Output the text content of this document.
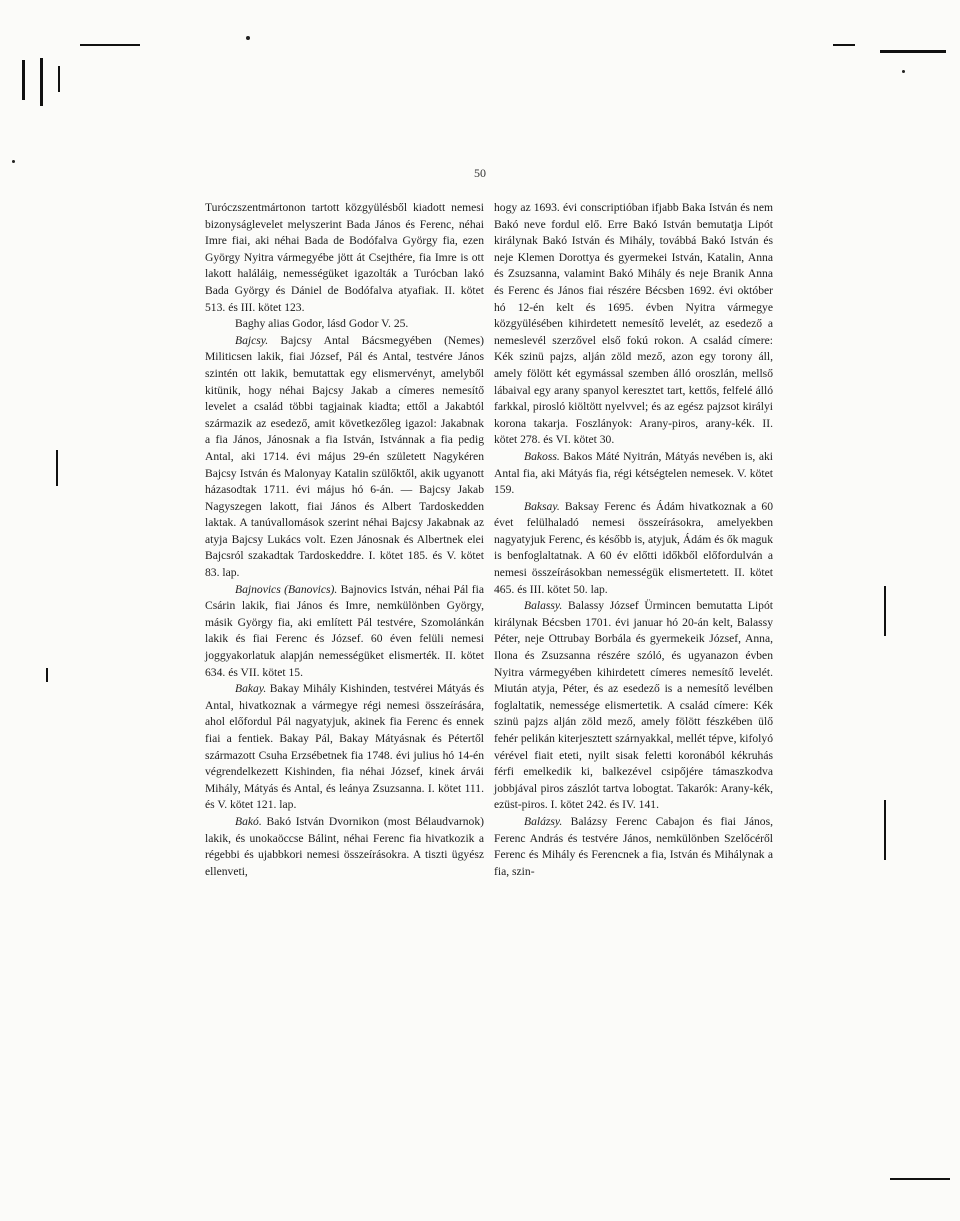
50

Turóczszentmártonon tartott közgyülésből kiadott nemesi bizonyságlevelet melyszerint Bada János és Ferenc, néhai Imre fiai, aki néhai Bada de Bodófalva György fia, ezen György Nyitra vármegyébe jött át Csejthére, fia Imre is ott lakott haláláig, nemességüket igazolták a Turócban lakó Bada György és Dániel de Bodófalva atyafiak. II. kötet 513. és III. kötet 123.

Baghy alias Godor, lásd Godor V. 25.

Bajcsy. Bajcsy Antal Bácsmegyében (Nemes) Militicsen lakik, fiai József, Pál és Antal, testvére János szintén ott lakik, bemutattak egy elismervényt, amelyből kitünik, hogy néhai Bajcsy Jakab a címeres nemesítő levelet a család többi tagjainak kiadta; ettől a Jakabtól származik az esedező, amit következőleg igazol: Jakabnak a fia János, Jánosnak a fia István, Istvánnak a fia pedig Antal, aki 1714. évi május 29-én született Nagykéren Bajcsy István és Malonyay Katalin szülőktől, akik ugyanott házasodtak 1711. évi május hó 6-án. — Bajcsy Jakab Nagyszegen lakott, fiai János és Albert Tardoskedden laktak. A tanúvallomások szerint néhai Bajcsy Jakabnak az atyja Bajcsy Lukács volt. Ezen Jánosnak és Albertnek elei Bajcsról szakadtak Tardoskeddre. I. kötet 185. és V. kötet 83. lap.

Bajnovics (Banovics). Bajnovics István, néhai Pál fia Csárin lakik, fiai János és Imre, nemkülönben György, másik György fia, aki említett Pál testvére, Szomolánkán lakik és fiai Ferenc és József. 60 éven felüli nemesi joggyakorlatuk alapján nemességüket elismerték. II. kötet 634. és VII. kötet 15.

Bakay. Bakay Mihály Kishinden, testvérei Mátyás és Antal, hivatkoznak a vármegye régi nemesi összeírására, ahol előfordul Pál nagyatyjuk, akinek fia Ferenc és ennek fiai a fentiek. Bakay Pál, Bakay Mátyásnak és Pétertől származott Csuha Erzsébetnek fia 1748. évi julius hó 14-én végrendelkezett Kishinden, fia néhai József, kinek árvái Mihály, Mátyás és Antal, és leánya Zsuzsanna. I. kötet 111. és V. kötet 121. lap.

Bakó. Bakó István Dvornikon (most Bélaudvarnok) lakik, és unokaöccse Bálint, néhai Ferenc fia hivatkozik a régebbi és ujabbkori nemesi összeírásokra. A tiszti ügyész ellenveti,

hogy az 1693. évi conscriptióban ifjabb Baka István és nem Bakó neve fordul elő. Erre Bakó István bemutatja Lipót királynak Bakó István és Mihály, továbbá Bakó István és neje Klemen Dorottya és gyermekei István, Katalin, Anna és Zsuzsanna, valamint Bakó Mihály és neje Branik Anna és Ferenc és János fiai részére Bécsben 1692. évi október hó 12-én kelt és 1695. évben Nyitra vármegye közgyülésében kihirdetett nemesítő levelét, az esedező a nemeslevél szerzővel első fokú rokon. A család címere: Kék szinü pajzs, alján zöld mező, azon egy torony áll, amely fölött két egymással szemben álló oroszlán, mellső lábaival egy arany spanyol keresztet tart, kettős, felfelé álló farkkal, pirosló kiöltött nyelvvel; és az egész pajzsot királyi korona takarja. Foszlányok: Arany-piros, arany-kék. II. kötet 278. és VI. kötet 30.

Bakoss. Bakos Máté Nyitrán, Mátyás nevében is, aki Antal fia, aki Mátyás fia, régi kétségtelen nemesek. V. kötet 159.

Baksay. Baksay Ferenc és Ádám hivatkoznak a 60 évet felülhaladó nemesi összeírásokra, amelyekben nagyatyjuk Ferenc, és később is, atyjuk, Ádám és ők maguk is benfoglaltatnak. A 60 év előtti időkből előfordulván a nemesi összeírásokban nemességük elismertetett. II. kötet 465. és III. kötet 50. lap.

Balassy. Balassy József Ürmincen bemutatta Lipót királynak Bécsben 1701. évi januar hó 20-án kelt, Balassy Péter, neje Ottrubay Borbála és gyermekeik József, Anna, Ilona és Zsuzsanna részére szóló, és ugyanazon évben Nyitra vármegyében kihirdetett címeres nemesítő levelét. Miután atyja, Péter, és az esedező is a nemesítő levélben foglaltatik, nemessége elismertetik. A család címere: Kék szinü pajzs alján zöld mező, amely fölött fészkében ülő fehér pelikán kiterjesztett szárnyakkal, mellét tépve, kifolyó vérével fiait eteti, nyilt sisak feletti koronából kékruhás férfi emelkedik ki, balkezével csipőjére támaszkodva jobbjával piros zászlót tartva lobogtat. Takarók: Arany-kék, ezüst-piros. I. kötet 242. és IV. 141.

Balázsy. Balázsy Ferenc Cabajon és fiai János, Ferenc András és testvére János, nemkülönben Szelőcéről Ferenc és Mihály és Ferencnek a fia, István és Mihálynak a fia, szin-
